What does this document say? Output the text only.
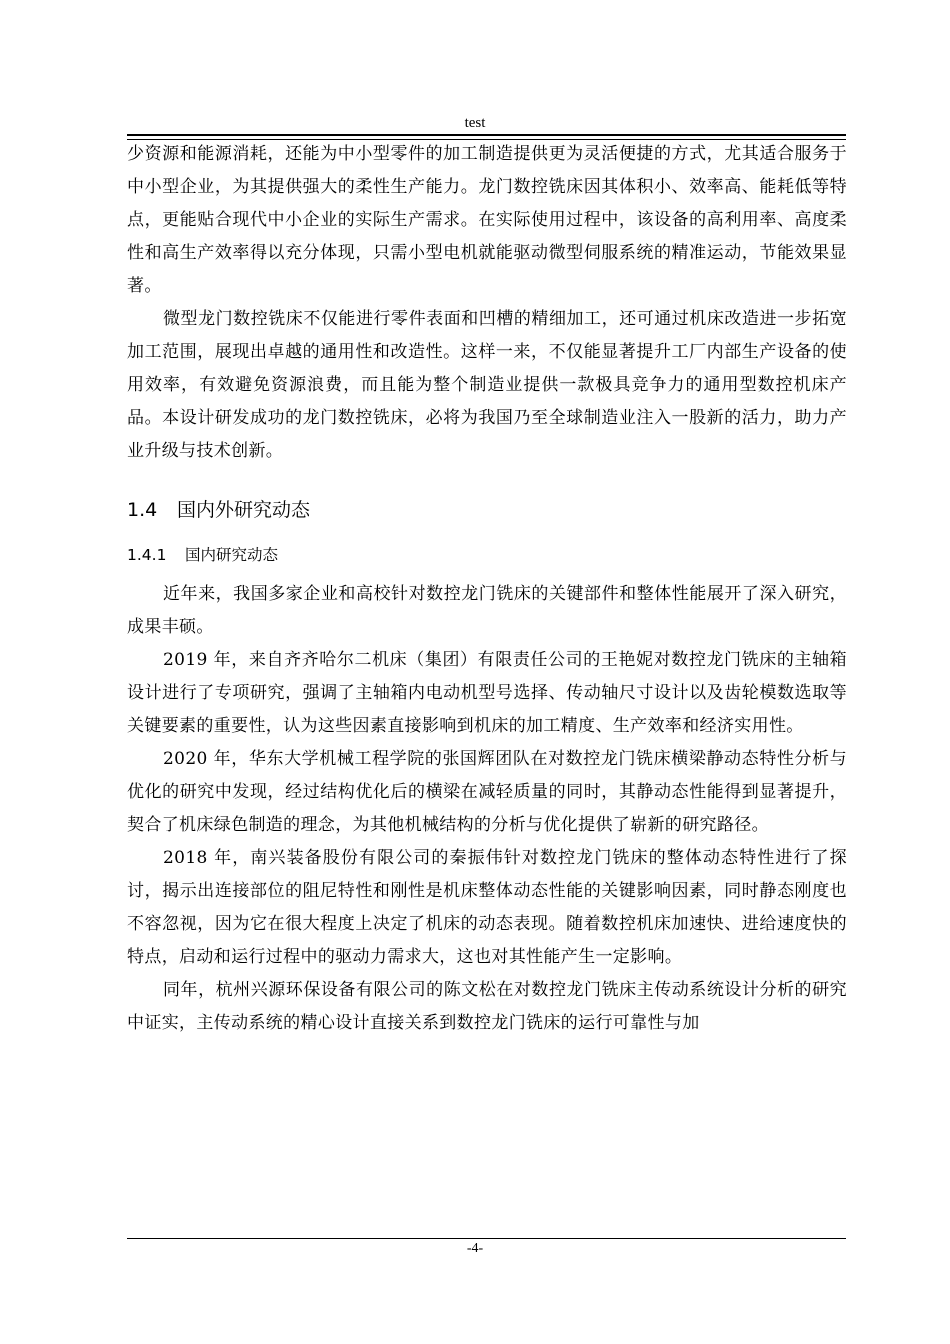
test

少资源和能源消耗，还能为中小型零件的加工制造提供更为灵活便捷的方式，尤其适合服务于中小型企业，为其提供强大的柔性生产能力。龙门数控铣床因其体积小、效率高、能耗低等特点，更能贴合现代中小企业的实际生产需求。在实际使用过程中，该设备的高利用率、高度柔性和高生产效率得以充分体现，只需小型电机就能驱动微型伺服系统的精准运动，节能效果显著。

微型龙门数控铣床不仅能进行零件表面和凹槽的精细加工，还可通过机床改造进一步拓宽加工范围，展现出卓越的通用性和改造性。这样一来，不仅能显著提升工厂内部生产设备的使用效率，有效避免资源浪费，而且能为整个制造业提供一款极具竞争力的通用型数控机床产品。本设计研发成功的龙门数控铣床，必将为我国乃至全球制造业注入一股新的活力，助力产业升级与技术创新。

1.4 国内外研究动态
1.4.1 国内研究动态

近年来，我国多家企业和高校针对数控龙门铣床的关键部件和整体性能展开了深入研究，成果丰硕。

2019 年，来自齐齐哈尔二机床（集团）有限责任公司的王艳妮对数控龙门铣床的主轴箱设计进行了专项研究，强调了主轴箱内电动机型号选择、传动轴尺寸设计以及齿轮模数选取等关键要素的重要性，认为这些因素直接影响到机床的加工精度、生产效率和经济实用性。

2020 年，华东大学机械工程学院的张国辉团队在对数控龙门铣床横梁静动态特性分析与优化的研究中发现，经过结构优化后的横梁在减轻质量的同时，其静动态性能得到显著提升，契合了机床绿色制造的理念，为其他机械结构的分析与优化提供了崭新的研究路径。

2018 年，南兴装备股份有限公司的秦振伟针对数控龙门铣床的整体动态特性进行了探讨，揭示出连接部位的阻尼特性和刚性是机床整体动态性能的关键影响因素，同时静态刚度也不容忽视，因为它在很大程度上决定了机床的动态表现。随着数控机床加速快、进给速度快的特点，启动和运行过程中的驱动力需求大，这也对其性能产生一定影响。

同年，杭州兴源环保设备有限公司的陈文松在对数控龙门铣床主传动系统设计分析的研究中证实，主传动系统的精心设计直接关系到数控龙门铣床的运行可靠性与加

-4-
